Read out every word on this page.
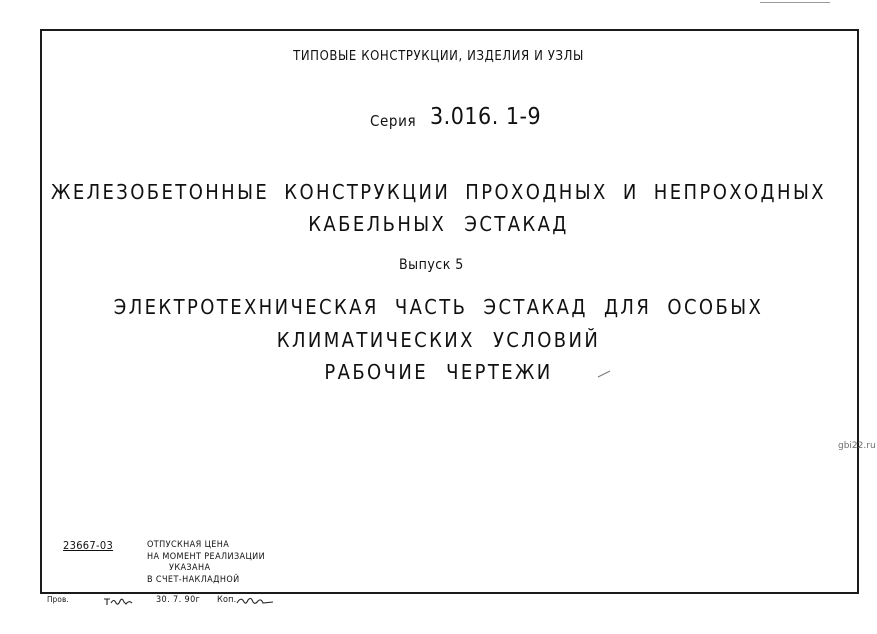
ТИПОВЫЕ КОНСТРУКЦИИ, ИЗДЕЛИЯ И УЗЛЫ
Серия 3.016. 1-9
ЖЕЛЕЗОБЕТОННЫЕ КОНСТРУКЦИИ ПРОХОДНЫХ И НЕПРОХОДНЫХ
КАБЕЛЬНЫХ ЭСТАКАД
Выпуск 5
ЭЛЕКТРОТЕХНИЧЕСКАЯ ЧАСТЬ ЭСТАКАД ДЛЯ ОСОБЫХ
КЛИМАТИЧЕСКИХ УСЛОВИЙ
РАБОЧИЕ ЧЕРТЕЖИ
gbi22.ru
23667-03	ОТПУСКНАЯ ЦЕНА
НА МОМЕНТ РЕАЛИЗАЦИИ
УКАЗАНА
В СЧЕТ-НАКЛАДНОЙ
Пров.	30. 7. 90г Коп.
